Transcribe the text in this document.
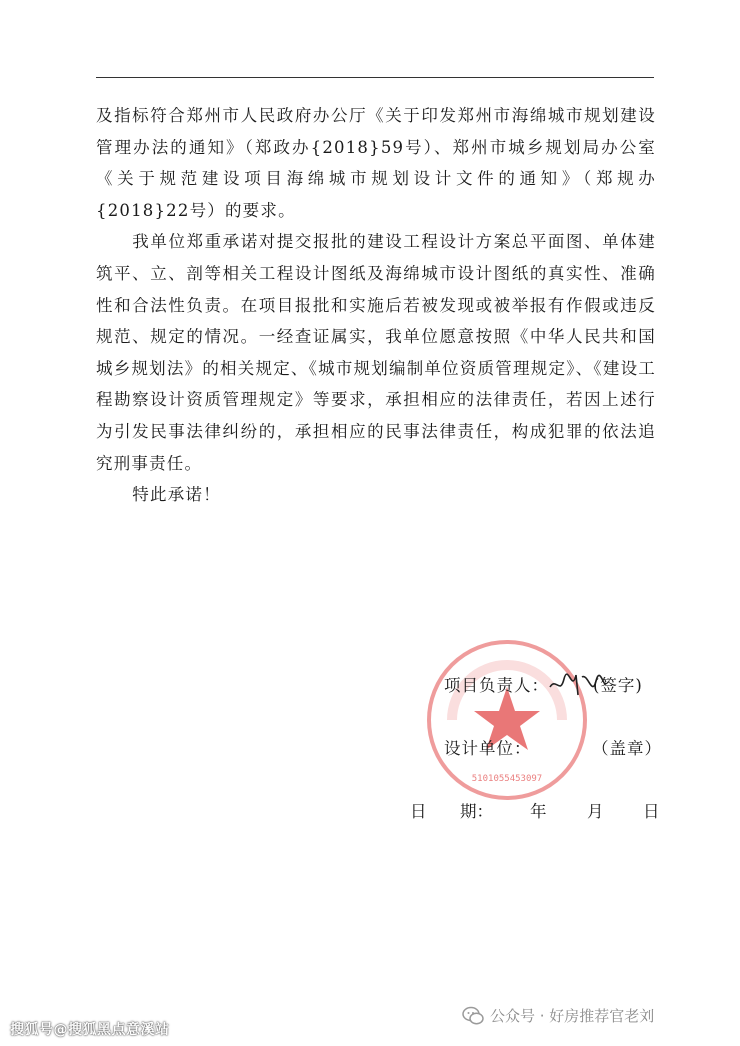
及指标符合郑州市人民政府办公厅《关于印发郑州市海绵城市规划建设管理办法的通知》（郑政办{2018}59号）、郑州市城乡规划局办公室《关于规范建设项目海绵城市规划设计文件的通知》（郑规办{2018}22号）的要求。

我单位郑重承诺对提交报批的建设工程设计方案总平面图、单体建筑平、立、剖等相关工程设计图纸及海绵城市设计图纸的真实性、准确性和合法性负责。在项目报批和实施后若被发现或被举报有作假或违反规范、规定的情况。一经查证属实，我单位愿意按照《中华人民共和国城乡规划法》的相关规定、《城市规划编制单位资质管理规定》、《建设工程勘察设计资质管理规定》等要求，承担相应的法律责任，若因上述行为引发民事法律纠纷的，承担相应的民事法律责任，构成犯罪的依法追究刑事责任。

特此承诺！

5101055453097
项目负责人：	(签字)
设计单位：	（盖章）
日 期： 年 月 日
搜狐号@搜狐黑点意溪站
公众号 · 好房推荐官老刘
